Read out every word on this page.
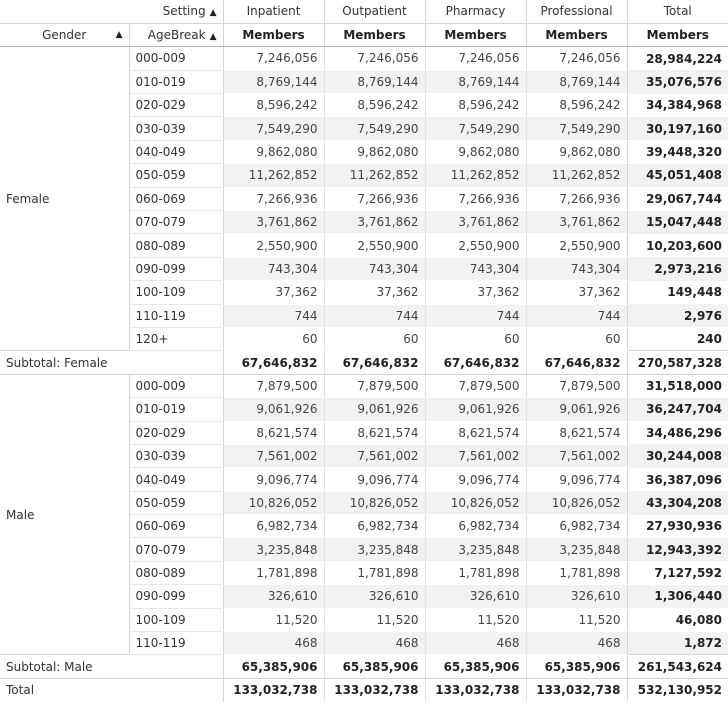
	Setting ▲	Inpatient	Outpatient	Pharmacy	Professional	Total
Gender ▲	AgeBreak ▲	Members	Members	Members	Members	Members
Female	000-009	7,246,056	7,246,056	7,246,056	7,246,056	28,984,224
	010-019	8,769,144	8,769,144	8,769,144	8,769,144	35,076,576
	020-029	8,596,242	8,596,242	8,596,242	8,596,242	34,384,968
	030-039	7,549,290	7,549,290	7,549,290	7,549,290	30,197,160
	040-049	9,862,080	9,862,080	9,862,080	9,862,080	39,448,320
	050-059	11,262,852	11,262,852	11,262,852	11,262,852	45,051,408
	060-069	7,266,936	7,266,936	7,266,936	7,266,936	29,067,744
	070-079	3,761,862	3,761,862	3,761,862	3,761,862	15,047,448
	080-089	2,550,900	2,550,900	2,550,900	2,550,900	10,203,600
	090-099	743,304	743,304	743,304	743,304	2,973,216
	100-109	37,362	37,362	37,362	37,362	149,448
	110-119	744	744	744	744	2,976
	120+	60	60	60	60	240
Subtotal: Female		67,646,832	67,646,832	67,646,832	67,646,832	270,587,328
Male	000-009	7,879,500	7,879,500	7,879,500	7,879,500	31,518,000
	010-019	9,061,926	9,061,926	9,061,926	9,061,926	36,247,704
	020-029	8,621,574	8,621,574	8,621,574	8,621,574	34,486,296
	030-039	7,561,002	7,561,002	7,561,002	7,561,002	30,244,008
	040-049	9,096,774	9,096,774	9,096,774	9,096,774	36,387,096
	050-059	10,826,052	10,826,052	10,826,052	10,826,052	43,304,208
	060-069	6,982,734	6,982,734	6,982,734	6,982,734	27,930,936
	070-079	3,235,848	3,235,848	3,235,848	3,235,848	12,943,392
	080-089	1,781,898	1,781,898	1,781,898	1,781,898	7,127,592
	090-099	326,610	326,610	326,610	326,610	1,306,440
	100-109	11,520	11,520	11,520	11,520	46,080
	110-119	468	468	468	468	1,872
Subtotal: Male		65,385,906	65,385,906	65,385,906	65,385,906	261,543,624
Total		133,032,738	133,032,738	133,032,738	133,032,738	532,130,952
